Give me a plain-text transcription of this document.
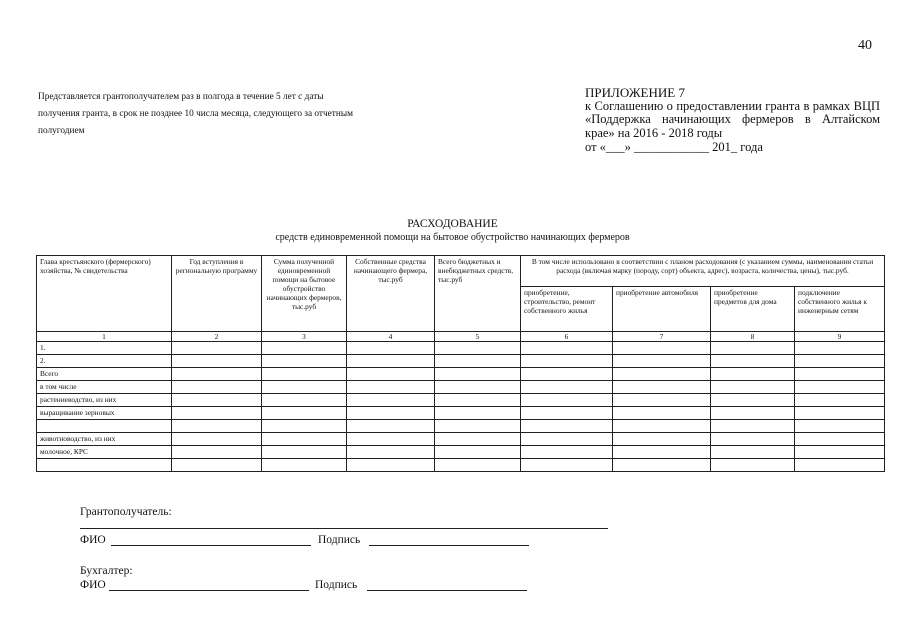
40
Представляется грантополучателем раз в полгода в течение 5 лет с даты получения гранта, в срок не позднее 10 числа месяца, следующего за отчетным полугодием
ПРИЛОЖЕНИЕ 7
к Соглашению о предоставлении гранта в рамках ВЦП «Поддержка начинающих фермеров в Алтайском крае» на 2016 - 2018 годы
от «___» ____________ 201_ года
РАСХОДОВАНИЕ
средств единовременной помощи на бытовое обустройство начинающих фермеров
Глава крестьянского (фермерского) хозяйства, № свидетельства	Год вступления в региональную программу	Сумма полученной единовременной помощи на бытовое обустройство начинающих фермеров, тыс.руб	Собственные средства начинающего фермера, тыс.руб	Всего бюджетных и внебюджетных средств, тыс.руб	В том числе использовано в соответствии с планом расходования (с указанием суммы, наименования статьи расхода (включая марку (породу, сорт) объекта, адрес), возраста, количества, цены), тыс.руб.			
					приобретение, строительство, ремонт собственного жилья	приобретение автомобиля	приобретение предметов для дома	подключение собственного жилья к инженерным сетям
1	2	3	4	5	6	7	8	9
1.								
2.								
Всего								
в том числе								
растениеводство, из них								
выращивание зерновых								

животноводство, из них								
молочное, КРС								

Грантополучатель:
ФИО	Подпись
Бухгалтер:
ФИО	Подпись
